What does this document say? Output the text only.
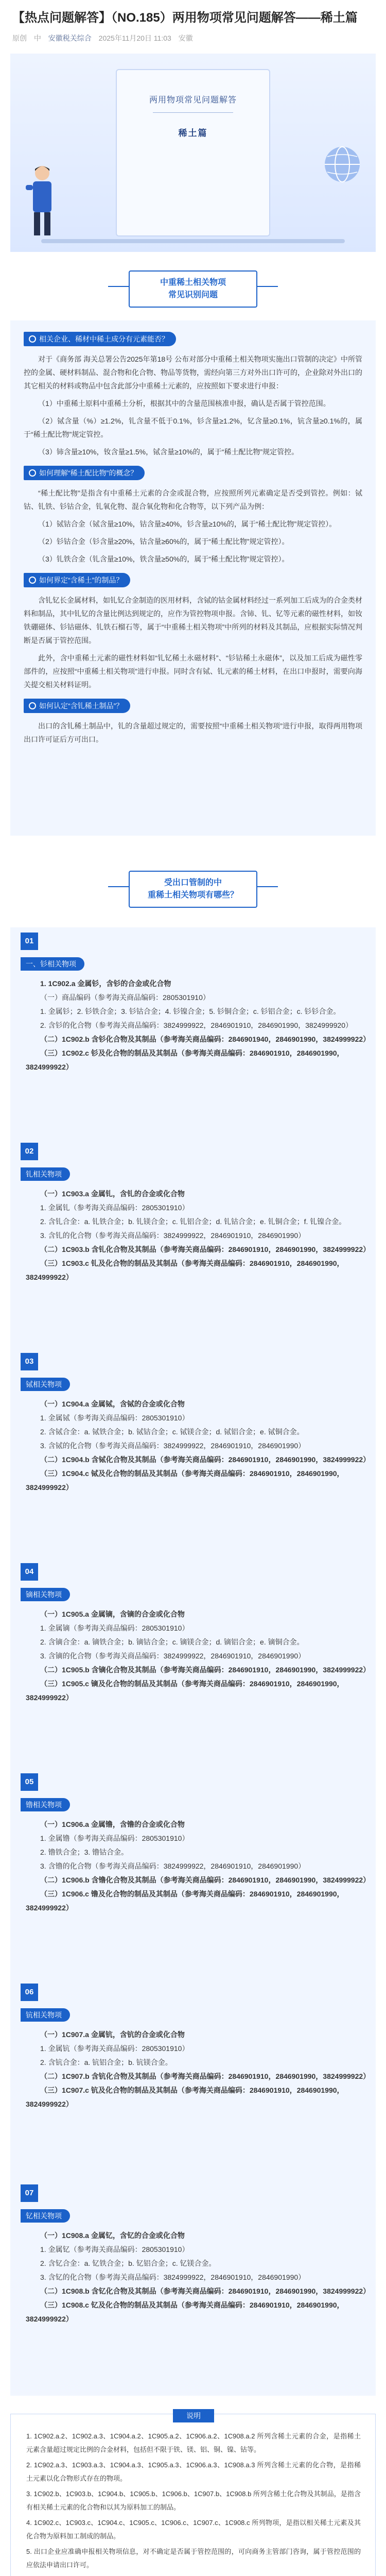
【热点问题解答】（NO.185）两用物项常见问题解答——稀土篇
原创 中 安徽税关综合 2025年11月20日 11:03 安徽
两用物项常见问题解答
稀土篇
中重稀土相关物项
常见识别问题
相关企业、稀材中稀土成分有元素能否？

对于《商务部 海关总署公告2025年第18号 公布对部分中重稀土相关物项实施出口管制的决定》中所管控的金属、硬材料制品、混合物和化合物、物品等货物，需经向第三方对外出口许可的，企业除对外出口的其它相关的材料或物品中包含此部分中重稀土元素的，应按照如下要求进行申报：

（1）中重稀土原料中重稀土分析，根据其中的含量范围核准申报，确认是否属于管控范围。

（2）铽含量（%）≥1.2%，钆含量不低于0.1%，钐含量≥1.2%，钇含量≥0.1%，钪含量≥0.1%的，属于“稀土配比物”规定管控。

（3）铈含量≥10%，钕含量≥1.5%，铽含量≥10%的，属于“稀土配比物”规定管控。

如何理解“稀土配比物”的概念？

“稀土配比物”是指含有中重稀土元素的合金或混合物，应按照所列元素确定是否受到管控。例如：铽钴、钆铁、钐钴合金，钆氧化物、混合氧化物和化合物等，以下列产品为例：

（1）铽钴合金（铽含量≥10%，钴含量≥40%，钐含量≥10%的，属于“稀土配比物”规定管控）。

（2）钐钴合金（钐含量≥20%，钴含量≥60%的，属于“稀土配比物”规定管控）。

（3）钆铁合金（钆含量≥10%，铁含量≥50%的，属于“稀土配比物”规定管控）。

如何界定“含稀土”的制品？

含钆钇长金属材料，如钆钇合金制造的医用材料，含铽的钴金属材料经过一系列加工后成为的合金类材料和制品，其中钆钇的含量比例达到规定的，应作为管控物项申报。含铈、钆、钇等元素的磁性材料，如钕铁硼磁体、钐钴磁体、钆铁石榴石等，属于“中重稀土相关物项”中所列的材料及其制品，应根据实际情况判断是否属于管控范围。

此外，含中重稀土元素的磁性材料如“钆钇稀土永磁材料”、“钐钴稀土永磁体”，以及加工后成为磁性零部件的，应按照“中重稀土相关物项”进行申报。同时含有铽、钆元素的稀土材料，在出口申报时，需要向海关提交相关材料证明。

如何认定“含钆稀土制品”？

出口的含钆稀土制品中，钆的含量超过规定的，需要按照“中重稀土相关物项”进行申报，取得两用物项出口许可证后方可出口。

受出口管制的中
重稀土相关物项有哪些？
01
一、钐相关物项
1. 1C902.a 金属钐，含钐的合金或化合物
（一）商品编码（参考海关商品编码：2805301910）
1. 金属钐；2. 钐铁合金；3. 钐钴合金；4. 钐镍合金；5. 钐铜合金；c. 钐铝合金；c. 钐钐合金。
2. 含钐的化合物（参考海关商品编码：3824999922，2846901910，2846901990，3824999920）
（二）1C902.b 含钐化合物及其制品（参考海关商品编码：2846901940，2846901990，3824999922）
（三）1C902.c 钐及化合物的制品及其制品（参考海关商品编码：2846901910，2846901990，3824999922）
02
钆相关物项
（一）1C903.a 金属钆，含钆的合金或化合物
1. 金属钆（参考海关商品编码：2805301910）
2. 含钆合金：a. 钆铁合金；b. 钆镁合金；c. 钆铝合金；d. 钆钴合金；e. 钆铜合金；f. 钆镍合金。
3. 含钆的化合物（参考海关商品编码：3824999922，2846901910，2846901990）
（二）1C903.b 含钆化合物及其制品（参考海关商品编码：2846901910，2846901990，3824999922）
（三）1C903.c 钆及化合物的制品及其制品（参考海关商品编码：2846901910，2846901990，3824999922）
03
铽相关物项
（一）1C904.a 金属铽，含铽的合金或化合物
1. 金属铽（参考海关商品编码：2805301910）
2. 含铽合金：a. 铽铁合金；b. 铽钴合金；c. 铽镁合金；d. 铽铝合金；e. 铽铜合金。
3. 含铽的化合物（参考海关商品编码：3824999922，2846901910，2846901990）
（二）1C904.b 含铽化合物及其制品（参考海关商品编码：2846901910，2846901990，3824999922）
（三）1C904.c 铽及化合物的制品及其制品（参考海关商品编码：2846901910，2846901990，3824999922）
04
镝相关物项
（一）1C905.a 金属镝，含镝的合金或化合物
1. 金属镝（参考海关商品编码：2805301910）
2. 含镝合金：a. 镝铁合金；b. 镝钴合金；c. 镝镁合金；d. 镝铝合金；e. 镝铜合金。
3. 含镝的化合物（参考海关商品编码：3824999922，2846901910，2846901990）
（二）1C905.b 含镝化合物及其制品（参考海关商品编码：2846901910，2846901990，3824999922）
（三）1C905.c 镝及化合物的制品及其制品（参考海关商品编码：2846901910，2846901990，3824999922）
05
镥相关物项
（一）1C906.a 金属镥，含镥的合金或化合物
1. 金属镥（参考海关商品编码：2805301910）
2. 镥铁合金；3. 镥钴合金。
3. 含镥的化合物（参考海关商品编码：3824999922，2846901910，2846901990）
（二）1C906.b 含镥化合物及其制品（参考海关商品编码：2846901910，2846901990，3824999922）
（三）1C906.c 镥及化合物的制品及其制品（参考海关商品编码：2846901910，2846901990，3824999922）
06
钪相关物项
（一）1C907.a 金属钪，含钪的合金或化合物
1. 金属钪（参考海关商品编码：2805301910）
2. 含钪合金：a. 钪铝合金；b. 钪镁合金。
（二）1C907.b 含钪化合物及其制品（参考海关商品编码：2846901910，2846901990，3824999922）
（三）1C907.c 钪及化合物的制品及其制品（参考海关商品编码：2846901910，2846901990，3824999922）
07
钇相关物项
（一）1C908.a 金属钇，含钇的合金或化合物
1. 金属钇（参考海关商品编码：2805301910）
2. 含钇合金：a. 钇铁合金；b. 钇铝合金；c. 钇镁合金。
3. 含钇的化合物（参考海关商品编码：3824999922，2846901910，2846901990）
（二）1C908.b 含钇化合物及其制品（参考海关商品编码：2846901910，2846901990，3824999922）
（三）1C908.c 钇及化合物的制品及其制品（参考海关商品编码：2846901910，2846901990，3824999922）
说明
1. 1C902.a.2、1C902.a.3、1C904.a.2、1C905.a.2、1C906.a.2、1C908.a.2 所列含稀土元素的合金，是指稀土元素含量超过规定比例的合金材料，包括但不限于铁、镁、铝、铜、镍、钴等。
2. 1C902.a.3、1C903.a.3、1C904.a.3、1C905.a.3、1C906.a.3、1C908.a.3 所列含稀土元素的化合物，是指稀土元素以化合物形式存在的物项。
3. 1C902.b、1C903.b、1C904.b、1C905.b、1C906.b、1C907.b、1C908.b 所列含稀土化合物及其制品，是指含有相关稀土元素的化合物和以其为原料加工的制品。
4. 1C902.c、1C903.c、1C904.c、1C905.c、1C906.c、1C907.c、1C908.c 所列物项，是指以相关稀土元素及其化合物为原料加工制成的制品。
5. 出口企业应准确申报相关物项信息，对不确定是否属于管控范围的，可向商务主管部门咨询，属于管控范围的应依法申请出口许可。
